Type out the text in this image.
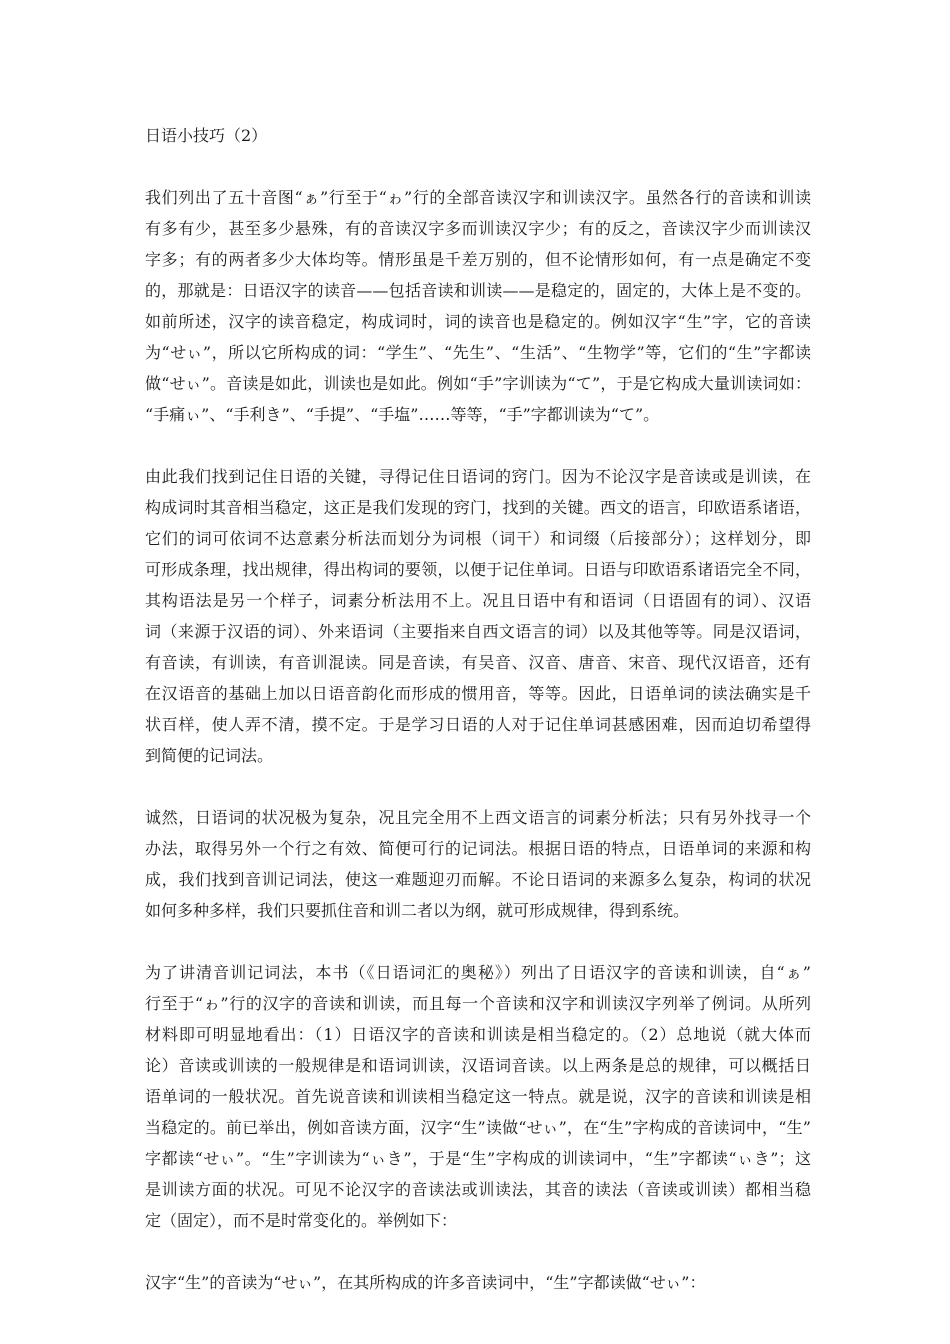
日语小技巧（2）
我们列出了五十音图“ぁ”行至于“ゎ”行的全部音读汉字和训读汉字。虽然各行的音读和训读
有多有少，甚至多少悬殊，有的音读汉字多而训读汉字少；有的反之，音读汉字少而训读汉
字多；有的两者多少大体均等。情形虽是千差万别的，但不论情形如何，有一点是确定不变
的，那就是：日语汉字的读音——包括音读和训读——是稳定的，固定的，大体上是不变的。
如前所述，汉字的读音稳定，构成词时，词的读音也是稳定的。例如汉字“生”字，它的音读
为“せぃ”，所以它所构成的词：“学生”、“先生”、“生活”、“生物学”等，它们的“生”字都读
做“せぃ”。音读是如此，训读也是如此。例如“手”字训读为“て”，于是它构成大量训读词如：
“手痛ぃ”、“手利き”、“手提”、“手塩”……等等，“手”字都训读为“て”。
由此我们找到记住日语的关键，寻得记住日语词的窍门。因为不论汉字是音读或是训读，在
构成词时其音相当稳定，这正是我们发现的窍门，找到的关键。西文的语言，印欧语系诸语，
它们的词可依词不达意素分析法而划分为词根（词干）和词缀（后接部分）；这样划分，即
可形成条理，找出规律，得出构词的要领，以便于记住单词。日语与印欧语系诸语完全不同，
其构语法是另一个样子，词素分析法用不上。况且日语中有和语词（日语固有的词）、汉语
词（来源于汉语的词）、外来语词（主要指来自西文语言的词）以及其他等等。同是汉语词，
有音读，有训读，有音训混读。同是音读，有吴音、汉音、唐音、宋音、现代汉语音，还有
在汉语音的基础上加以日语音韵化而形成的惯用音，等等。因此，日语单词的读法确实是千
状百样，使人弄不清，摸不定。于是学习日语的人对于记住单词甚感困难，因而迫切希望得
到简便的记词法。
诚然，日语词的状况极为复杂，况且完全用不上西文语言的词素分析法；只有另外找寻一个
办法，取得另外一个行之有效、简便可行的记词法。根据日语的特点，日语单词的来源和构
成，我们找到音训记词法，使这一难题迎刃而解。不论日语词的来源多么复杂，构词的状况
如何多种多样，我们只要抓住音和训二者以为纲，就可形成规律，得到系统。
为了讲清音训记词法，本书（《日语词汇的奥秘》）列出了日语汉字的音读和训读，自“ぁ”
行至于“ゎ”行的汉字的音读和训读，而且每一个音读和汉字和训读汉字列举了例词。从所列
材料即可明显地看出：（1）日语汉字的音读和训读是相当稳定的。（2）总地说（就大体而
论）音读或训读的一般规律是和语词训读，汉语词音读。以上两条是总的规律，可以概括日
语单词的一般状况。首先说音读和训读相当稳定这一特点。就是说，汉字的音读和训读是相
当稳定的。前已举出，例如音读方面，汉字“生”读做“せぃ”，在“生”字构成的音读词中，“生”
字都读“せぃ”。“生”字训读为“ぃき”，于是“生”字构成的训读词中，“生”字都读“ぃき”；这
是训读方面的状况。可见不论汉字的音读法或训读法，其音的读法（音读或训读）都相当稳
定（固定），而不是时常变化的。举例如下：
汉字“生”的音读为“せぃ”，在其所构成的许多音读词中，“生”字都读做“せぃ”：
